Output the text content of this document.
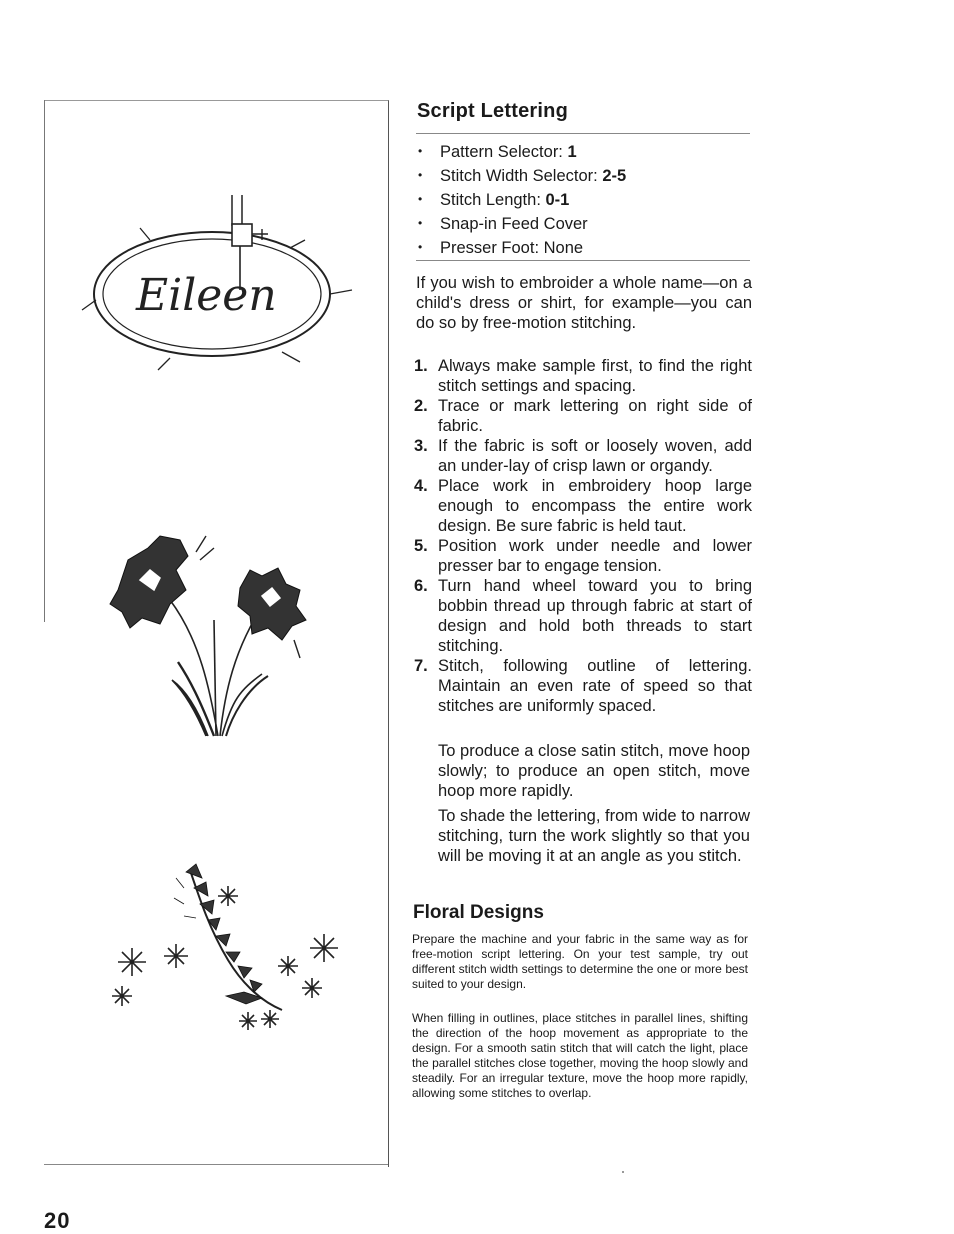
Eileen
Script Lettering
• Pattern Selector: 1
• Stitch Width Selector: 2-5
• Stitch Length: 0-1
• Snap-in Feed Cover
• Presser Foot: None

If you wish to embroider a whole name—on a child's dress or shirt, for example—you can do so by free-motion stitching.

1. Always make sample first, to find the right stitch settings and spacing.
2. Trace or mark lettering on right side of fabric.
3. If the fabric is soft or loosely woven, add an under-lay of crisp lawn or organdy.
4. Place work in embroidery hoop large enough to encompass the entire work design. Be sure fabric is held taut.
5. Position work under needle and lower presser bar to engage tension.
6. Turn hand wheel toward you to bring bobbin thread up through fabric at start of design and hold both threads to start stitching.
7. Stitch, following outline of lettering. Maintain an even rate of speed so that stitches are uniformly spaced.

To produce a close satin stitch, move hoop slowly; to produce an open stitch, move hoop more rapidly.

To shade the lettering, from wide to narrow stitching, turn the work slightly so that you will be moving it at an angle as you stitch.

Floral Designs

Prepare the machine and your fabric in the same way as for free-motion script lettering. On your test sample, try out different stitch width settings to determine the one or more best suited to your design.

When filling in outlines, place stitches in parallel lines, shifting the direction of the hoop movement as appropriate to the design. For a smooth satin stitch that will catch the light, place the parallel stitches close together, moving the hoop slowly and steadily. For an irregular texture, move the hoop more rapidly, allowing some stitches to overlap.

20
